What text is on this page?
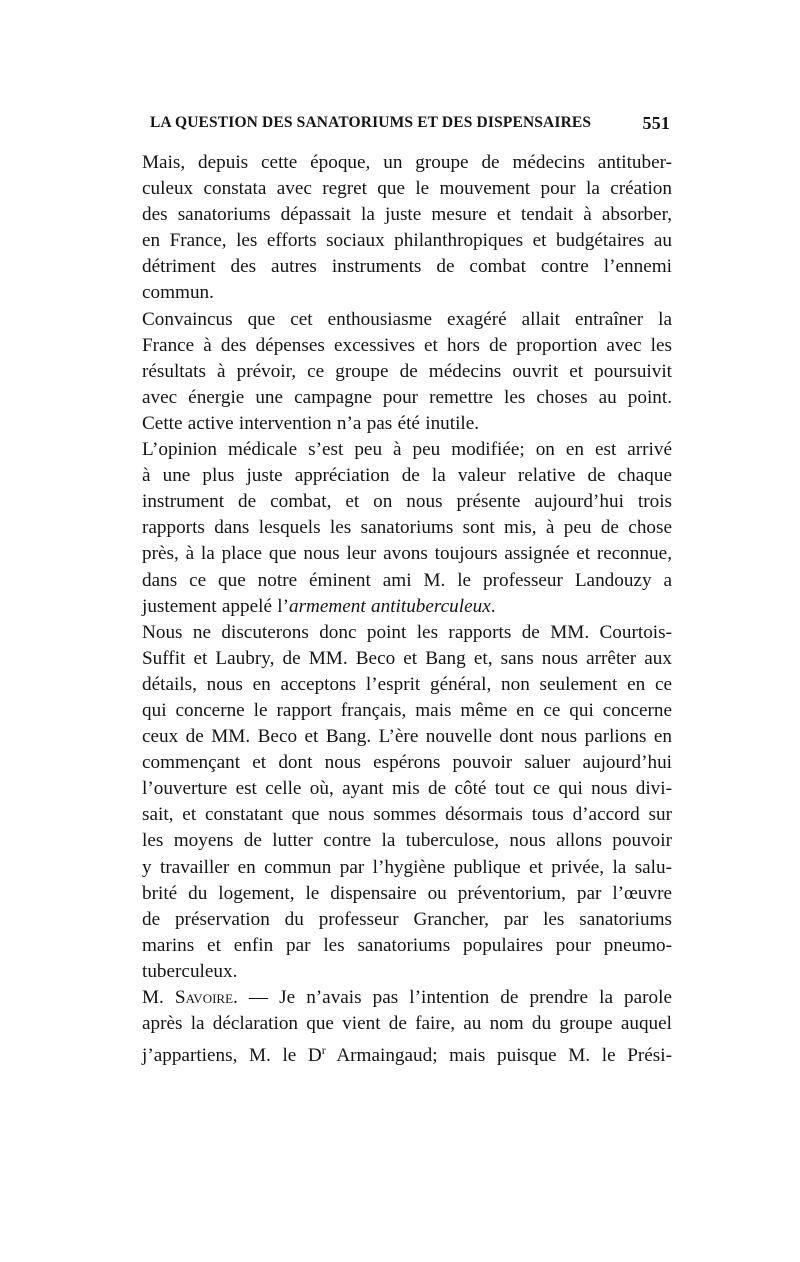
LA QUESTION DES SANATORIUMS ET DES DISPENSAIRES	551

Mais, depuis cette époque, un groupe de médecins antituber-
culeux constata avec regret que le mouvement pour la création
des sanatoriums dépassait la juste mesure et tendait à absorber,
en France, les efforts sociaux philanthropiques et budgétaires au
détriment des autres instruments de combat contre l’ennemi
commun.

Convaincus que cet enthousiasme exagéré allait entraîner la
France à des dépenses excessives et hors de proportion avec les
résultats à prévoir, ce groupe de médecins ouvrit et poursuivit
avec énergie une campagne pour remettre les choses au point.
Cette active intervention n’a pas été inutile.

L’opinion médicale s’est peu à peu modifiée; on en est arrivé
à une plus juste appréciation de la valeur relative de chaque
instrument de combat, et on nous présente aujourd’hui trois
rapports dans lesquels les sanatoriums sont mis, à peu de chose
près, à la place que nous leur avons toujours assignée et reconnue,
dans ce que notre éminent ami M. le professeur Landouzy a
justement appelé l’armement antituberculeux.

Nous ne discuterons donc point les rapports de MM. Courtois-
Suffit et Laubry, de MM. Beco et Bang et, sans nous arrêter aux
détails, nous en acceptons l’esprit général, non seulement en ce
qui concerne le rapport français, mais même en ce qui concerne
ceux de MM. Beco et Bang. L’ère nouvelle dont nous parlions en
commençant et dont nous espérons pouvoir saluer aujourd’hui
l’ouverture est celle où, ayant mis de côté tout ce qui nous divi-
sait, et constatant que nous sommes désormais tous d’accord sur
les moyens de lutter contre la tuberculose, nous allons pouvoir
y travailler en commun par l’hygiène publique et privée, la salu-
brité du logement, le dispensaire ou préventorium, par l’œuvre
de préservation du professeur Grancher, par les sanatoriums
marins et enfin par les sanatoriums populaires pour pneumo-
tuberculeux.

M. Savoire. — Je n’avais pas l’intention de prendre la parole
après la déclaration que vient de faire, au nom du groupe auquel
j’appartiens, M. le $D^r$ Armaingaud; mais puisque M. le Prési-
